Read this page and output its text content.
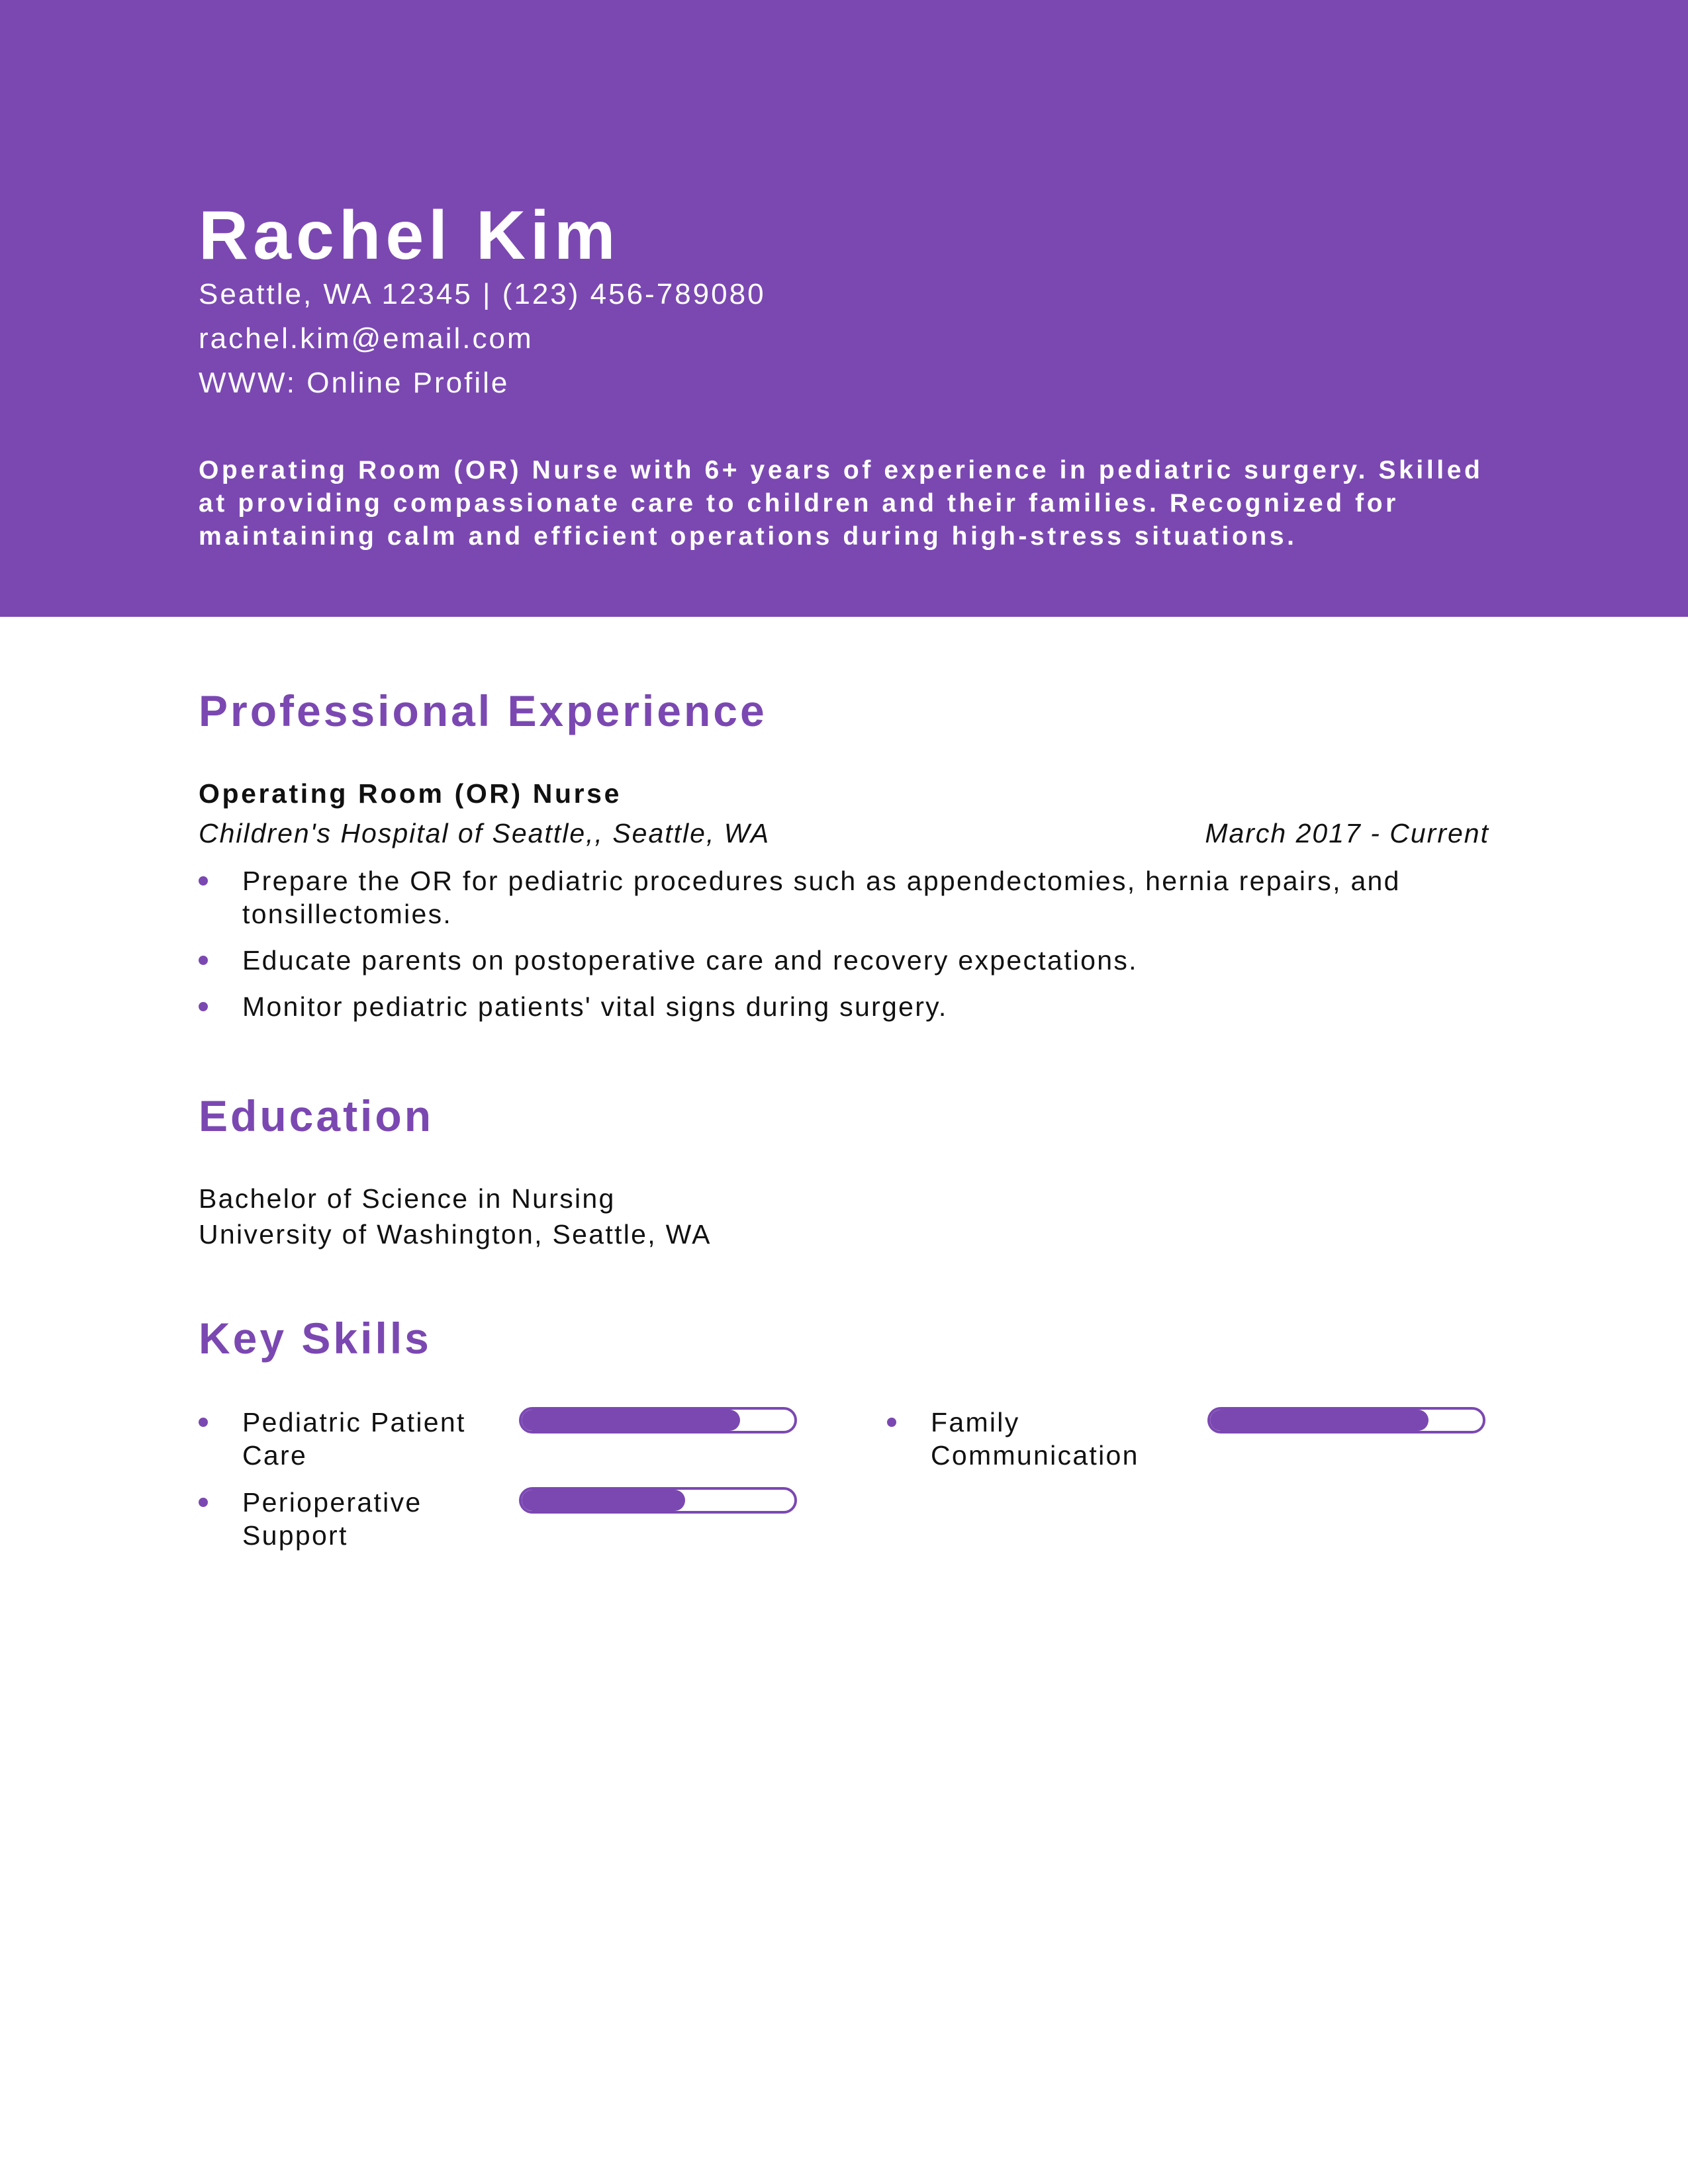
Rachel Kim
Seattle, WA 12345 | (123) 456-789080
rachel.kim@email.com
WWW: Online Profile
Operating Room (OR) Nurse with 6+ years of experience in pediatric surgery. Skilled at providing compassionate care to children and their families. Recognized for maintaining calm and efficient operations during high-stress situations.
Professional Experience
Operating Room (OR) Nurse
Children's Hospital of Seattle,, Seattle, WA	March 2017 - Current
Prepare the OR for pediatric procedures such as appendectomies, hernia repairs, and tonsillectomies.
Educate parents on postoperative care and recovery expectations.
Monitor pediatric patients' vital signs during surgery.
Education
Bachelor of Science in Nursing
University of Washington, Seattle, WA
Key Skills
Pediatric Patient Care
Family Communication
Perioperative Support
